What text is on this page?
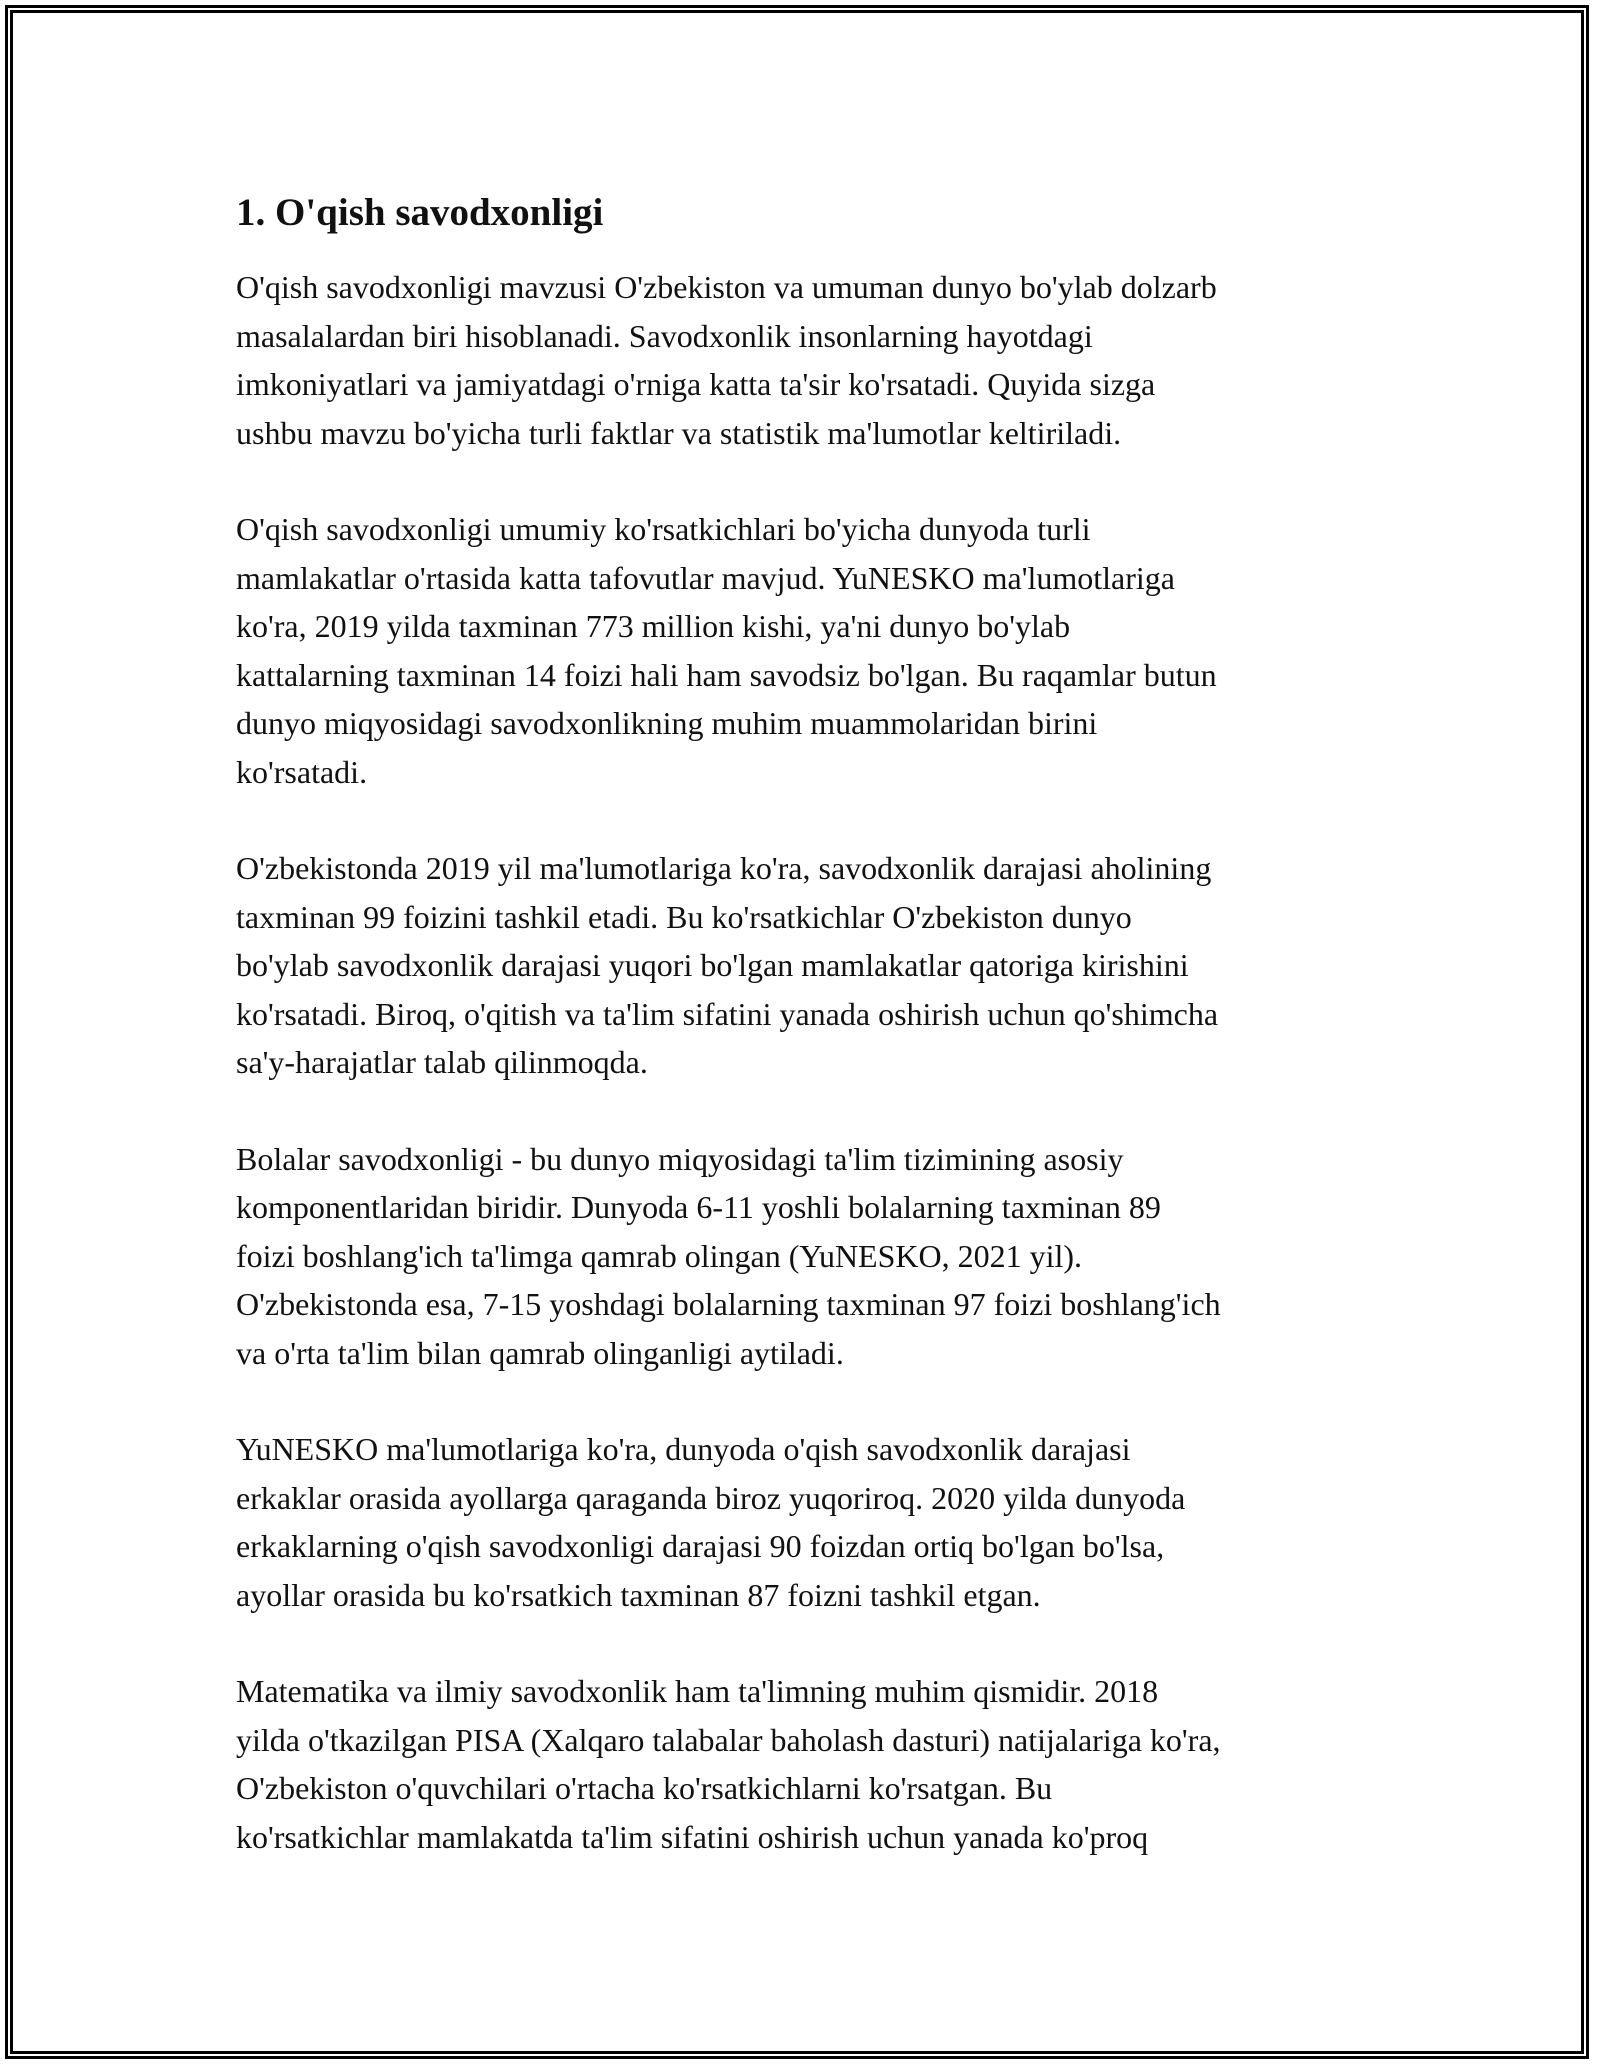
1. O'qish savodxonligi
O'qish savodxonligi mavzusi O'zbekiston va umuman dunyo bo'ylab dolzarb
masalalardan biri hisoblanadi. Savodxonlik insonlarning hayotdagi
imkoniyatlari va jamiyatdagi o'rniga katta ta'sir ko'rsatadi. Quyida sizga
ushbu mavzu bo'yicha turli faktlar va statistik ma'lumotlar keltiriladi.
O'qish savodxonligi umumiy ko'rsatkichlari bo'yicha dunyoda turli
mamlakatlar o'rtasida katta tafovutlar mavjud. YuNESKO ma'lumotlariga
ko'ra, 2019 yilda taxminan 773 million kishi, ya'ni dunyo bo'ylab
kattalarning taxminan 14 foizi hali ham savodsiz bo'lgan. Bu raqamlar butun
dunyo miqyosidagi savodxonlikning muhim muammolaridan birini
ko'rsatadi.
O'zbekistonda 2019 yil ma'lumotlariga ko'ra, savodxonlik darajasi aholining
taxminan 99 foizini tashkil etadi. Bu ko'rsatkichlar O'zbekiston dunyo
bo'ylab savodxonlik darajasi yuqori bo'lgan mamlakatlar qatoriga kirishini
ko'rsatadi. Biroq, o'qitish va ta'lim sifatini yanada oshirish uchun qo'shimcha
sa'y-harajatlar talab qilinmoqda.
Bolalar savodxonligi - bu dunyo miqyosidagi ta'lim tizimining asosiy
komponentlaridan biridir. Dunyoda 6-11 yoshli bolalarning taxminan 89
foizi boshlang'ich ta'limga qamrab olingan (YuNESKO, 2021 yil).
O'zbekistonda esa, 7-15 yoshdagi bolalarning taxminan 97 foizi boshlang'ich
va o'rta ta'lim bilan qamrab olinganligi aytiladi.
YuNESKO ma'lumotlariga ko'ra, dunyoda o'qish savodxonlik darajasi
erkaklar orasida ayollarga qaraganda biroz yuqoriroq. 2020 yilda dunyoda
erkaklarning o'qish savodxonligi darajasi 90 foizdan ortiq bo'lgan bo'lsa,
ayollar orasida bu ko'rsatkich taxminan 87 foizni tashkil etgan.
Matematika va ilmiy savodxonlik ham ta'limning muhim qismidir. 2018
yilda o'tkazilgan PISA (Xalqaro talabalar baholash dasturi) natijalariga ko'ra,
O'zbekiston o'quvchilari o'rtacha ko'rsatkichlarni ko'rsatgan. Bu
ko'rsatkichlar mamlakatda ta'lim sifatini oshirish uchun yanada ko'proq
